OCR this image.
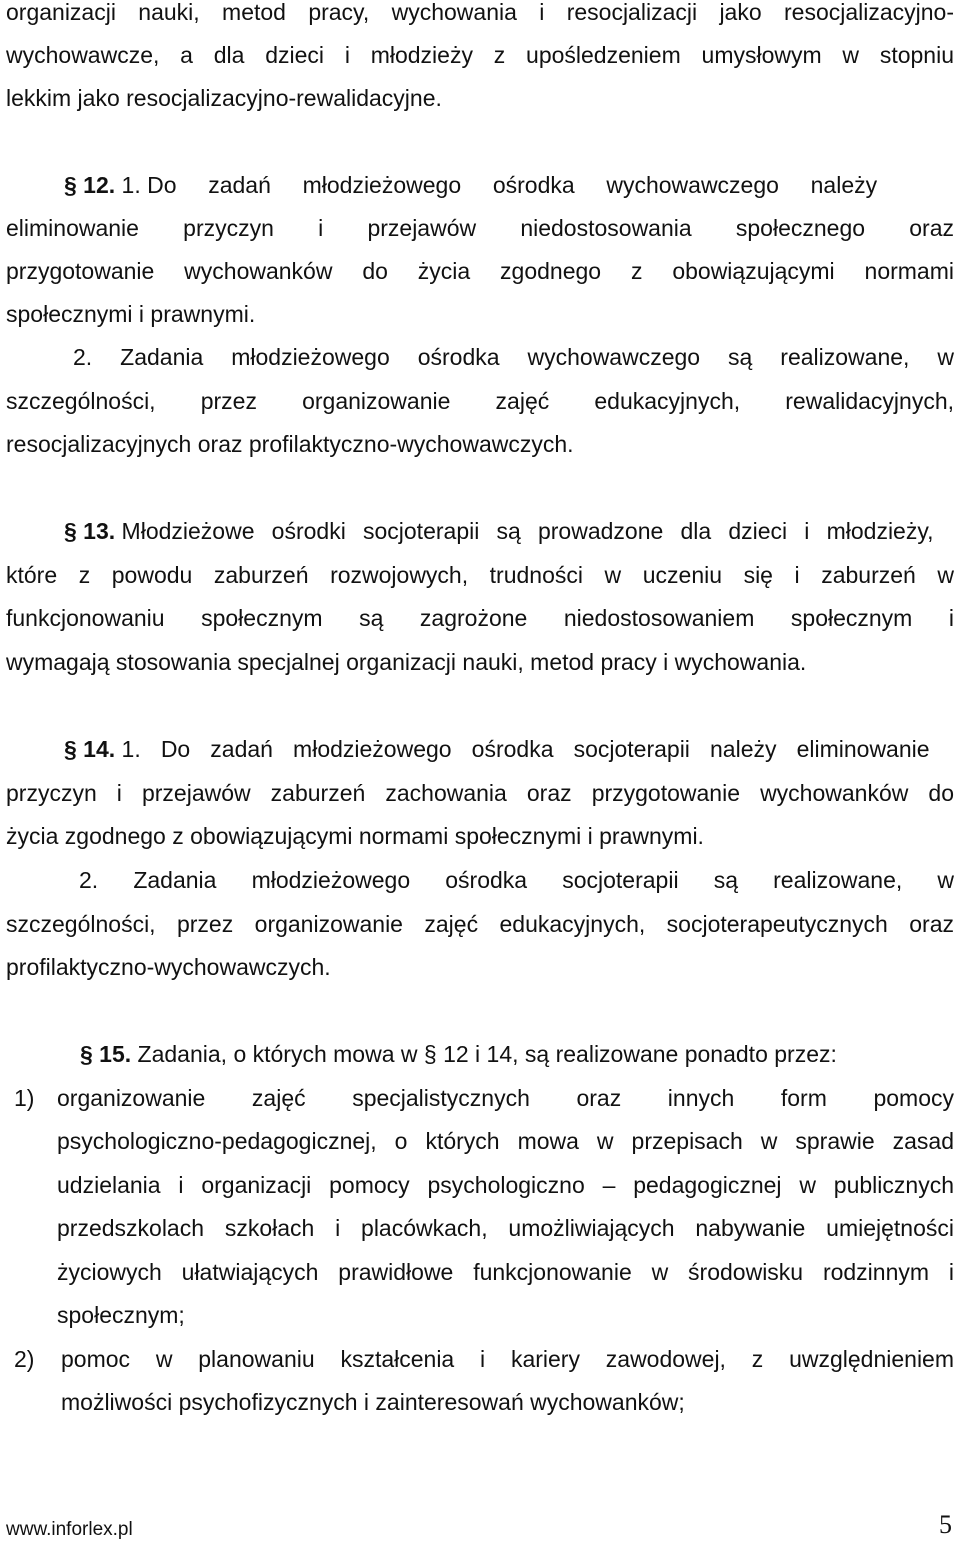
organizacji nauki, metod pracy, wychowania i resocjalizacji jako resocjalizacyjno-
wychowawcze, a dla dzieci i młodzieży z upośledzeniem umysłowym w stopniu
lekkim jako resocjalizacyjno-rewalidacyjne.
§ 12. 1. Do zadań młodzieżowego ośrodka wychowawczego należy
eliminowanie przyczyn i przejawów niedostosowania społecznego oraz
przygotowanie wychowanków do życia zgodnego z obowiązującymi normami
społecznymi i prawnymi.
2. Zadania młodzieżowego ośrodka wychowawczego są realizowane, w
szczególności, przez organizowanie zajęć edukacyjnych, rewalidacyjnych,
resocjalizacyjnych oraz profilaktyczno-wychowawczych.
§ 13. Młodzieżowe ośrodki socjoterapii są prowadzone dla dzieci i młodzieży,
które z powodu zaburzeń rozwojowych, trudności w uczeniu się i zaburzeń w
funkcjonowaniu społecznym są zagrożone niedostosowaniem społecznym i
wymagają stosowania specjalnej organizacji nauki, metod pracy i wychowania.
§ 14. 1. Do zadań młodzieżowego ośrodka socjoterapii należy eliminowanie
przyczyn i przejawów zaburzeń zachowania oraz przygotowanie wychowanków do
życia zgodnego z obowiązującymi normami społecznymi i prawnymi.
2. Zadania młodzieżowego ośrodka socjoterapii są realizowane, w
szczególności, przez organizowanie zajęć edukacyjnych, socjoterapeutycznych oraz
profilaktyczno-wychowawczych.
§ 15. Zadania, o których mowa w § 12 i 14, są realizowane ponadto przez:
1) organizowanie zajęć specjalistycznych oraz innych form pomocy
psychologiczno-pedagogicznej, o których mowa w przepisach w sprawie zasad
udzielania i organizacji pomocy psychologiczno – pedagogicznej w publicznych
przedszkolach szkołach i placówkach, umożliwiających nabywanie umiejętności
życiowych ułatwiających prawidłowe funkcjonowanie w środowisku rodzinnym i
społecznym;
2) pomoc w planowaniu kształcenia i kariery zawodowej, z uwzględnieniem
możliwości psychofizycznych i zainteresowań wychowanków;
www.inforlex.pl	5
